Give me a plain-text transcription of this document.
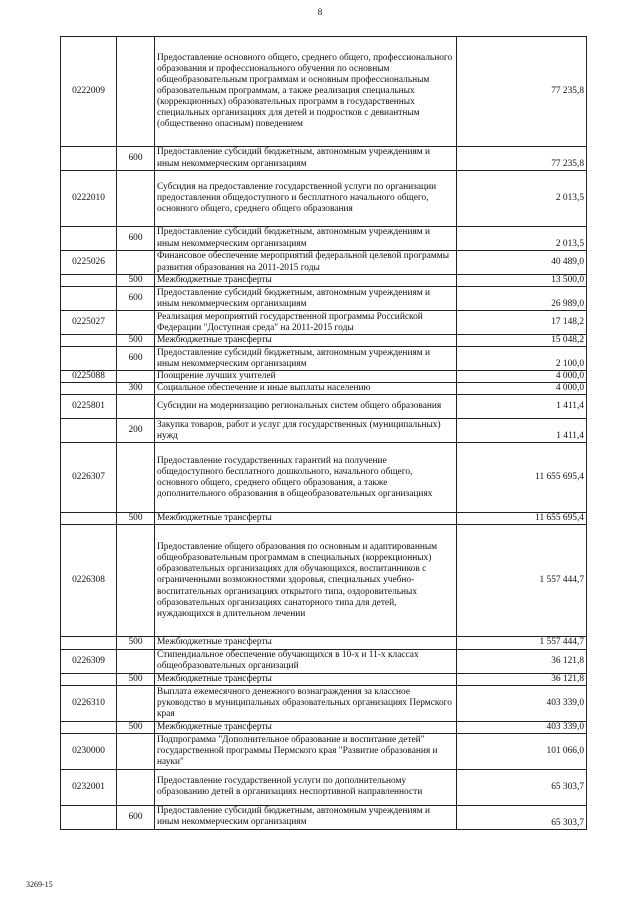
8
0222009		Предоставление основного общего, среднего общего, профессионального образования и профессионального обучения по основным общеобразовательным программам и основным профессиональным образовательным программам, а также реализация специальных (коррекционных) образовательных программ в государственных специальных организациях для детей и подростков с девиантным (общественно опасным) поведением	77 235,8
	600	Предоставление субсидий бюджетным, автономным учреждениям и иным некоммерческим организациям	77 235,8
0222010		Субсидия на предоставление государственной услуги по организации предоставления общедоступного и бесплатного начального общего, основного общего, среднего общего образования	2 013,5
	600	Предоставление субсидий бюджетным, автономным учреждениям и иным некоммерческим организациям	2 013,5
0225026		Финансовое обеспечение мероприятий федеральной целевой программы развития образования на 2011-2015 годы	40 489,0
	500	Межбюджетные трансферты	13 500,0
	600	Предоставление субсидий бюджетным, автономным учреждениям и иным некоммерческим организациям	26 989,0
0225027		Реализация мероприятий государственной программы Российской Федерации "Доступная среда" на 2011-2015 годы	17 148,2
	500	Межбюджетные трансферты	15 048,2
	600	Предоставление субсидий бюджетным, автономным учреждениям и иным некоммерческим организациям	2 100,0
0225088		Поощрение лучших учителей	4 000,0
	300	Социальное обеспечение и иные выплаты населению	4 000,0
0225801		Субсидии на модернизацию региональных систем общего образования	1 411,4
	200	Закупка товаров, работ и услуг для государственных (муниципальных) нужд	1 411,4
0226307		Предоставление государственных гарантий на получение общедоступного бесплатного дошкольного, начального общего, основного общего, среднего общего образования, а также дополнительного образования в общеобразовательных организациях	11 655 695,4
	500	Межбюджетные трансферты	11 655 695,4
0226308		Предоставление общего образования по основным и адаптированным общеобразовательным программам в специальных (коррекционных) образовательных организациях для обучающихся, воспитанников с ограниченными возможностями здоровья, специальных учебно-воспитательных организациях открытого типа, оздоровительных образовательных организациях санаторного типа для детей, нуждающихся в длительном лечении	1 557 444,7
	500	Межбюджетные трансферты	1 557 444,7
0226309		Стипендиальное обеспечение обучающихся в 10-х и 11-х классах общеобразовательных организаций	36 121,8
	500	Межбюджетные трансферты	36 121,8
0226310		Выплата ежемесячного денежного вознаграждения за классное руководство в муниципальных образовательных организациях Пермского края	403 339,0
	500	Межбюджетные трансферты	403 339,0
0230000		Подпрограмма "Дополнительное образование и воспитание детей" государственной программы Пермского края "Развитие образования и науки"	101 066,0
0232001		Предоставление государственной услуги по дополнительному образованию детей в организациях неспортивной направленности	65 303,7
	600	Предоставление субсидий бюджетным, автономным учреждениям и иным некоммерческим организациям	65 303,7
3269-15
